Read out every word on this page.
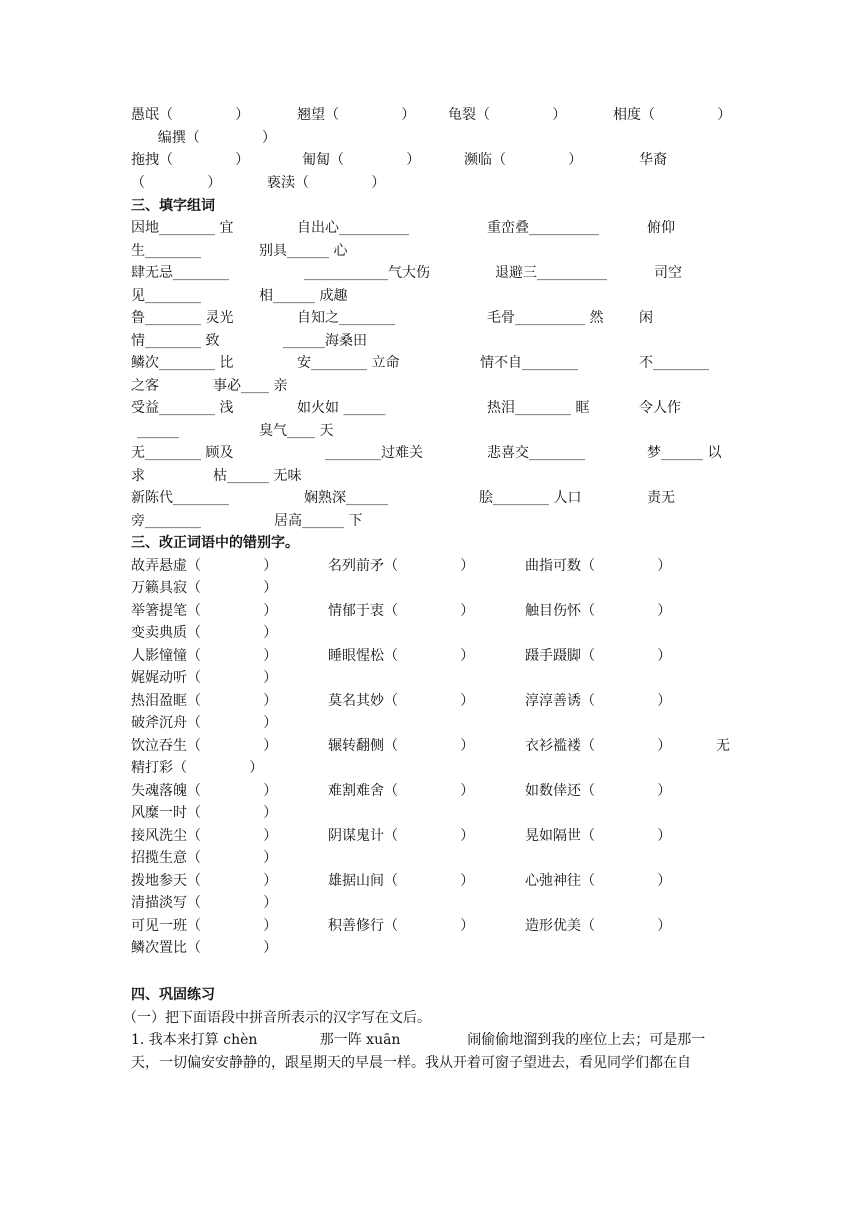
愚氓（              ）	翘望（              ） 龟裂（              ）	相度（              ）
编撰（              ）
拖拽（              ）	匍匐（              ）	濒临（              ）	华裔
（              ）	亵渎（              ）
三、填字组词
因地________ 宜	自出心__________	重峦叠__________	俯仰
生________	别具______ 心
肆无忌________	____________气大伤	退避三__________	司空
见________	相______ 成趣
鲁________ 灵光	自知之________	毛骨__________ 然	闲
情________ 致	______海桑田
鳞次________ 比	安________ 立命	情不自________	不________
之客	事必____ 亲
受益________ 浅	如火如 ______	热泪________ 眶	令人作
______	臭气____ 天
无________ 顾及	________过难关	悲喜交________	梦______ 以
求	枯______ 无味
新陈代________	娴熟深______	脍________ 人口	责无
旁________	居高______ 下
三、改正词语中的错别字。
故弄悬虚（              ）	名列前矛（              ）	曲指可数（              ）
万籁具寂（              ）
举箸提笔（              ）	情郁于衷（              ）	触目伤怀（              ）
变卖典质（              ）
人影憧憧（              ）	睡眼惺松（              ）	蹑手蹑脚（              ）
娓娓动听（              ）
热泪盈眶（              ）	莫名其妙（              ）	淳淳善诱（              ）
破斧沉舟（              ）
饮泣吞生（              ）	辗转翻侧（              ）	衣衫褴褛（              ）	无
精打彩（              ）
失魂落魄（              ）	难割难舍（              ）	如数倖还（              ）
风糜一时（              ）
接风洗尘（              ）	阴谋鬼计（              ）	晃如隔世（              ）
招揽生意（              ）
拨地参天（              ）	雄据山间（              ）	心弛神往（              ）
清描淡写（              ）
可见一班（              ）	积善修行（              ）	造形优美（              ）
鳞次置比（              ）
四、巩固练习
（一）把下面语段中拼音所表示的汉字写在文后。
1. 我本来打算 chèn              那一阵 xuān               闹偷偷地溜到我的座位上去；可是那一
天，一切偏安安静静的，跟星期天的早晨一样。我从开着可窗子望进去，看见同学们都在自
